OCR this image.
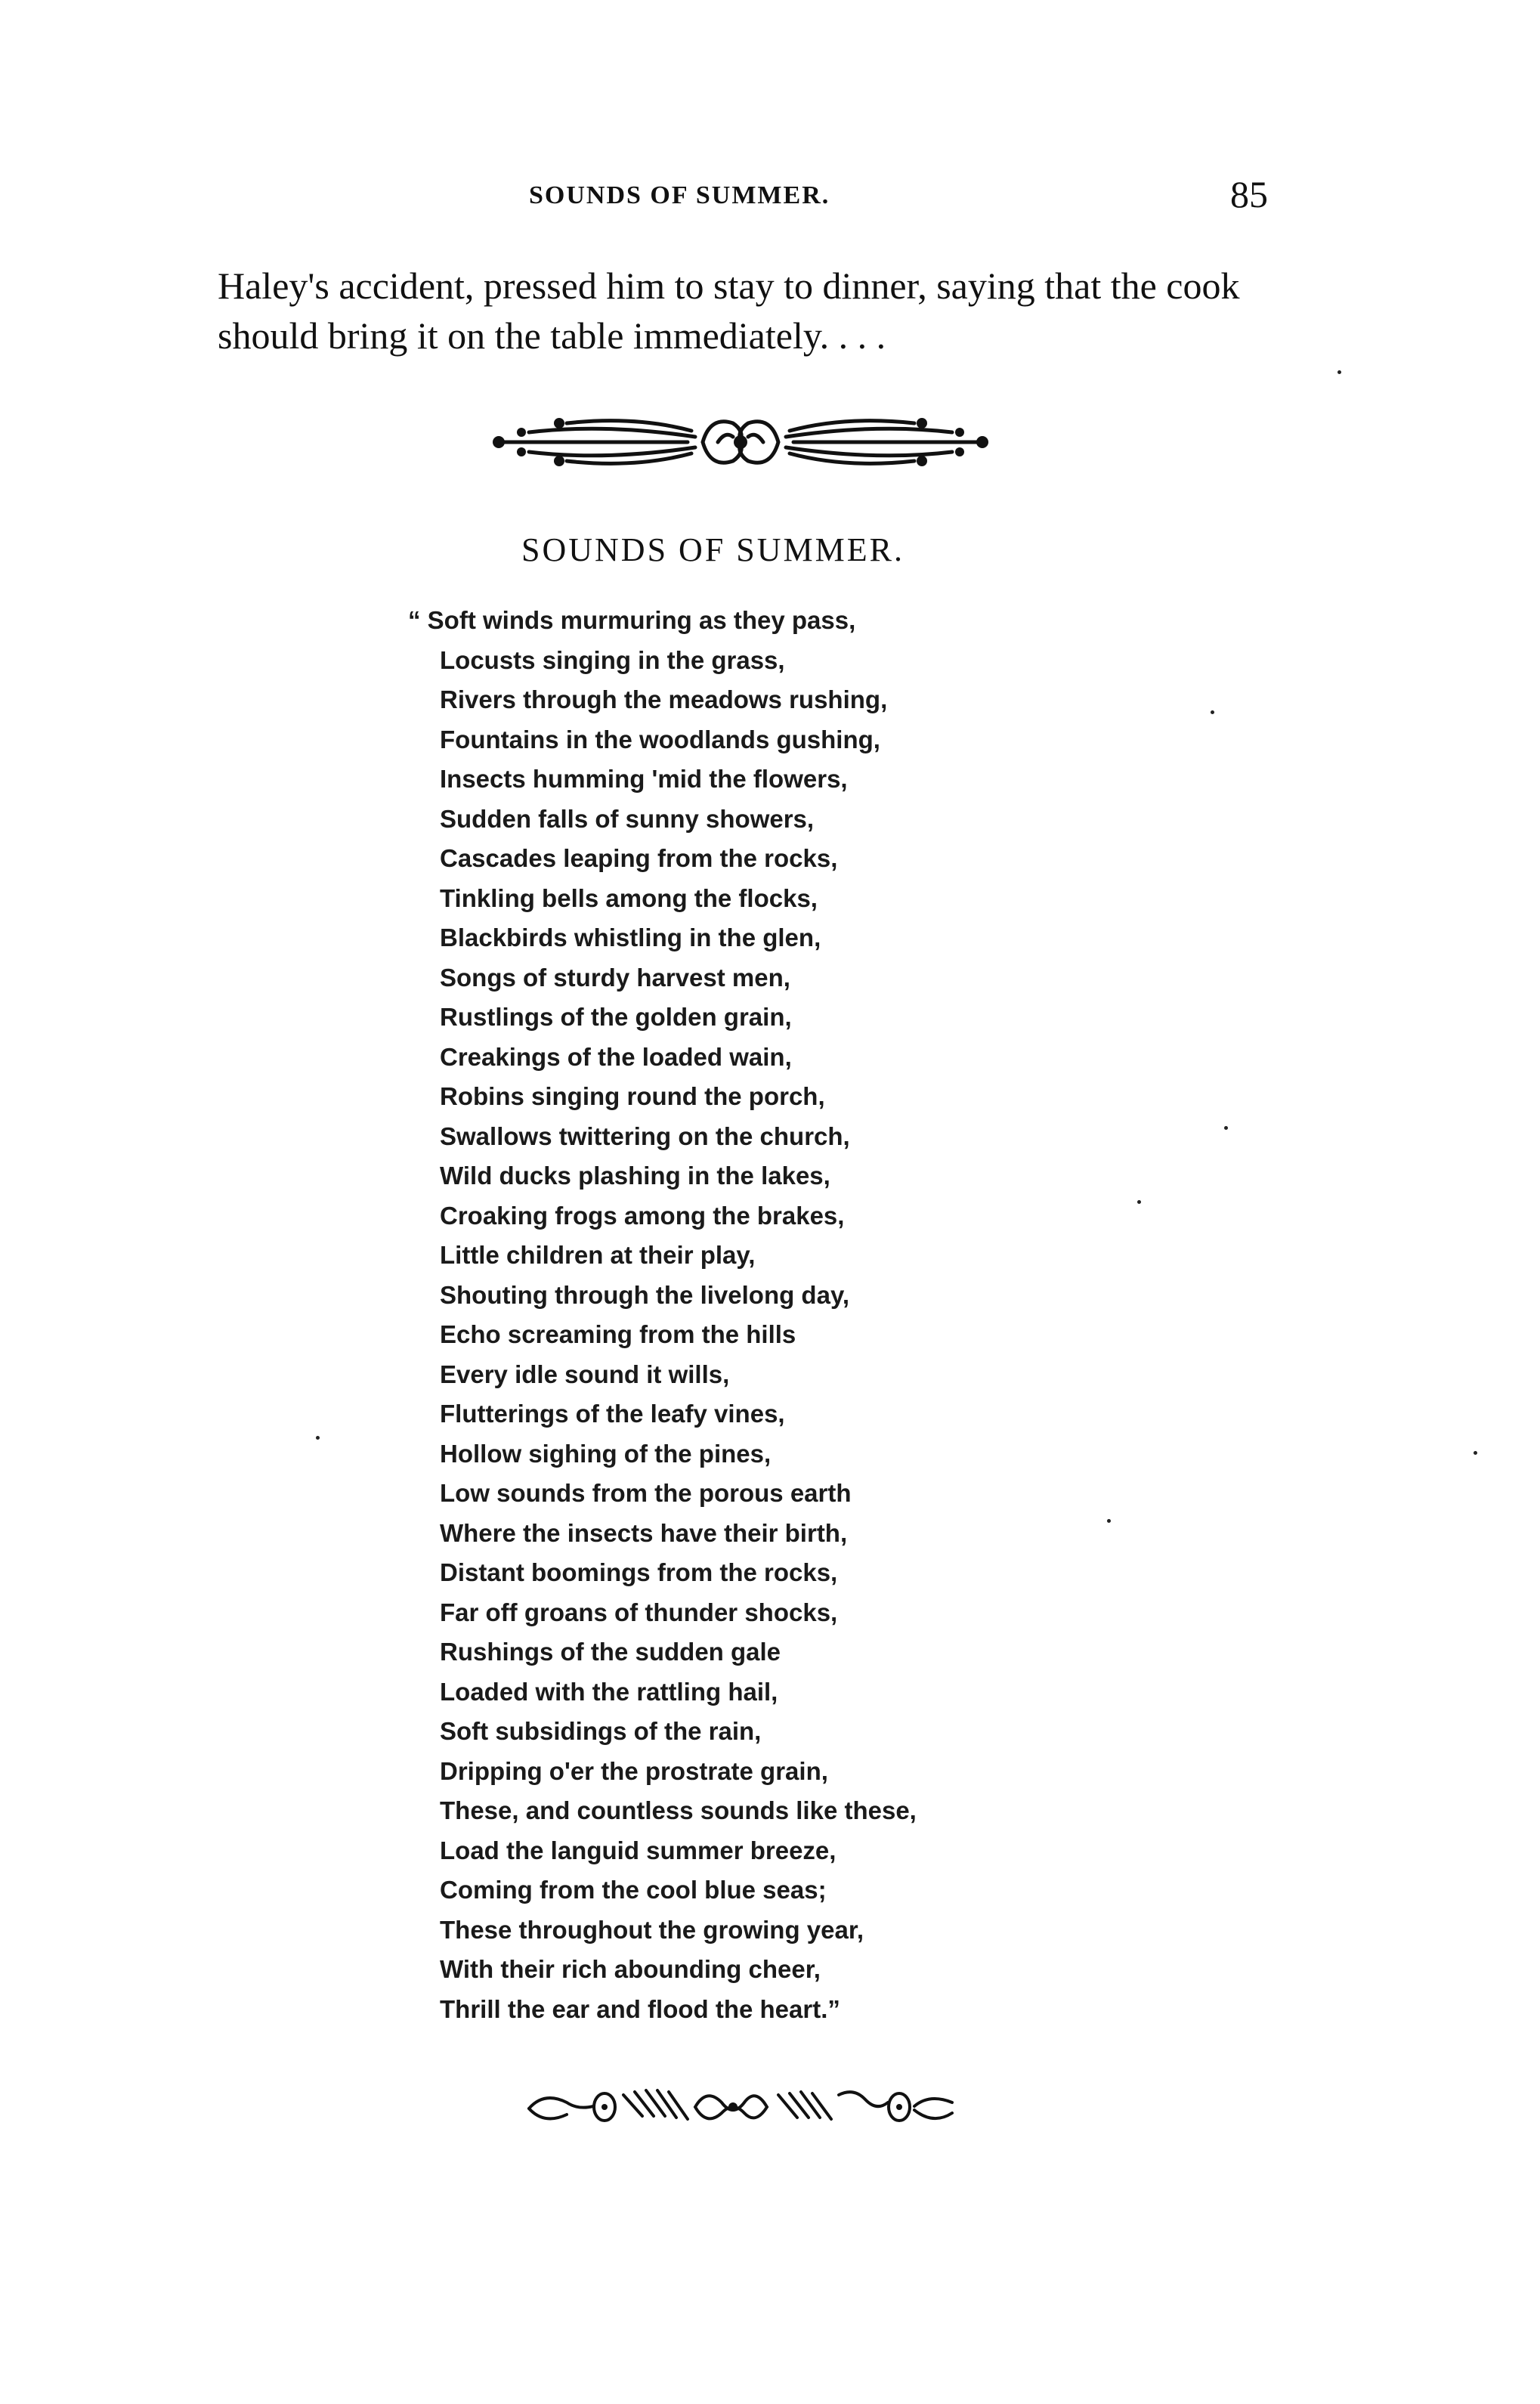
SOUNDS OF SUMMER.	85

Haley's accident, pressed him to stay to dinner, saying that the cook should bring it on the table immediately. . . .

SOUNDS OF SUMMER.
“ Soft winds murmuring as they pass,
Locusts singing in the grass,
Rivers through the meadows rushing,
Fountains in the woodlands gushing,
Insects humming 'mid the flowers,
Sudden falls of sunny showers,
Cascades leaping from the rocks,
Tinkling bells among the flocks,
Blackbirds whistling in the glen,
Songs of sturdy harvest men,
Rustlings of the golden grain,
Creakings of the loaded wain,
Robins singing round the porch,
Swallows twittering on the church,
Wild ducks plashing in the lakes,
Croaking frogs among the brakes,
Little children at their play,
Shouting through the livelong day,
Echo screaming from the hills
Every idle sound it wills,
Flutterings of the leafy vines,
Hollow sighing of the pines,
Low sounds from the porous earth
Where the insects have their birth,
Distant boomings from the rocks,
Far off groans of thunder shocks,
Rushings of the sudden gale
Loaded with the rattling hail,
Soft subsidings of the rain,
Dripping o'er the prostrate grain,
These, and countless sounds like these,
Load the languid summer breeze,
Coming from the cool blue seas;
These throughout the growing year,
With their rich abounding cheer,
Thrill the ear and flood the heart.”
